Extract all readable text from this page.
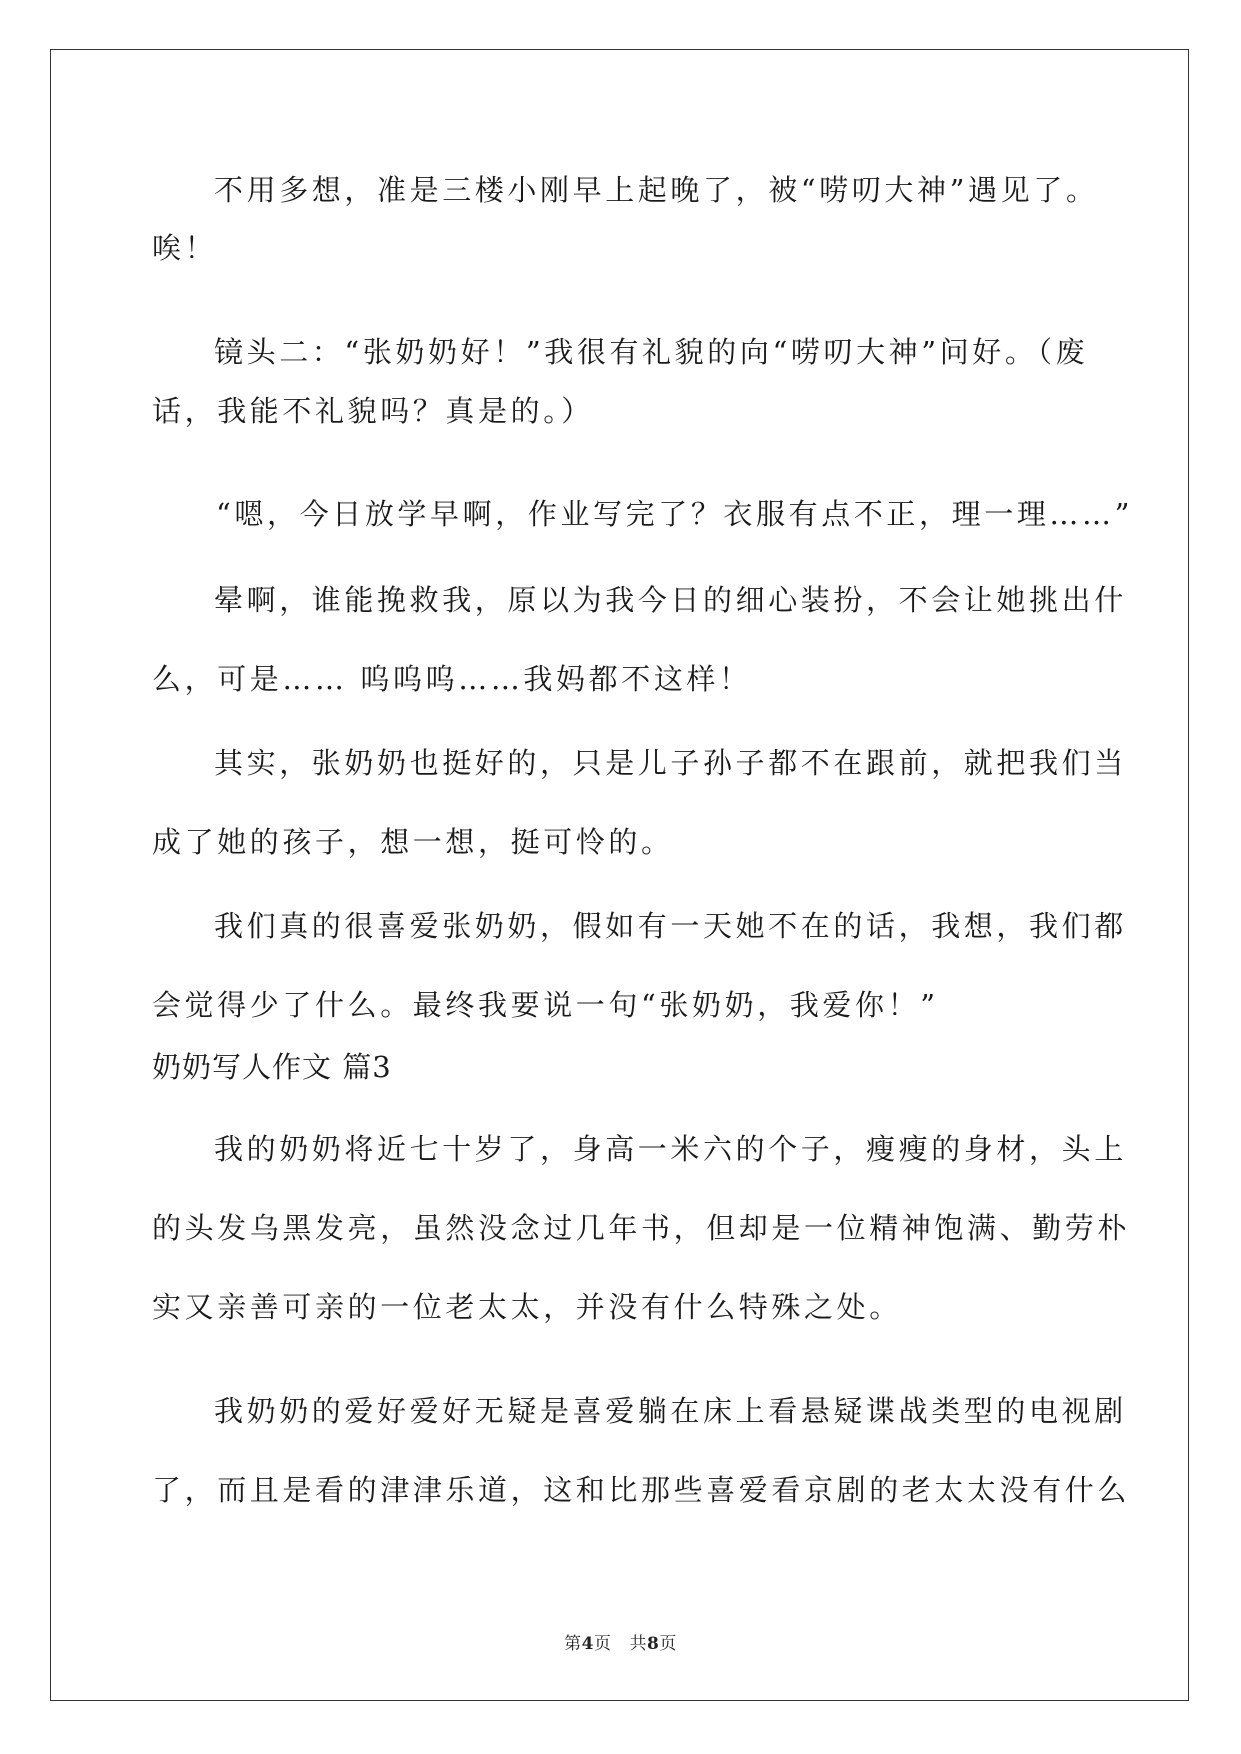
不用多想，准是三楼小刚早上起晚了，被“唠叨大神”遇见了。
唉！
镜头二：“张奶奶好！”我很有礼貌的向“唠叨大神”问好。（废
话，我能不礼貌吗？真是的。）
“嗯，今日放学早啊，作业写完了？衣服有点不正，理一理……”
晕啊，谁能挽救我，原以为我今日的细心装扮，不会让她挑出什
么，可是…… 呜呜呜……我妈都不这样！
其实，张奶奶也挺好的，只是儿子孙子都不在跟前，就把我们当
成了她的孩子，想一想，挺可怜的。
我们真的很喜爱张奶奶，假如有一天她不在的话，我想，我们都
会觉得少了什么。最终我要说一句“张奶奶，我爱你！”
奶奶写人作文 篇3
我的奶奶将近七十岁了，身高一米六的个子，瘦瘦的身材，头上
的头发乌黑发亮，虽然没念过几年书，但却是一位精神饱满、勤劳朴
实又亲善可亲的一位老太太，并没有什么特殊之处。
我奶奶的爱好爱好无疑是喜爱躺在床上看悬疑谍战类型的电视剧
了，而且是看的津津乐道，这和比那些喜爱看京剧的老太太没有什么
第4页 共8页
